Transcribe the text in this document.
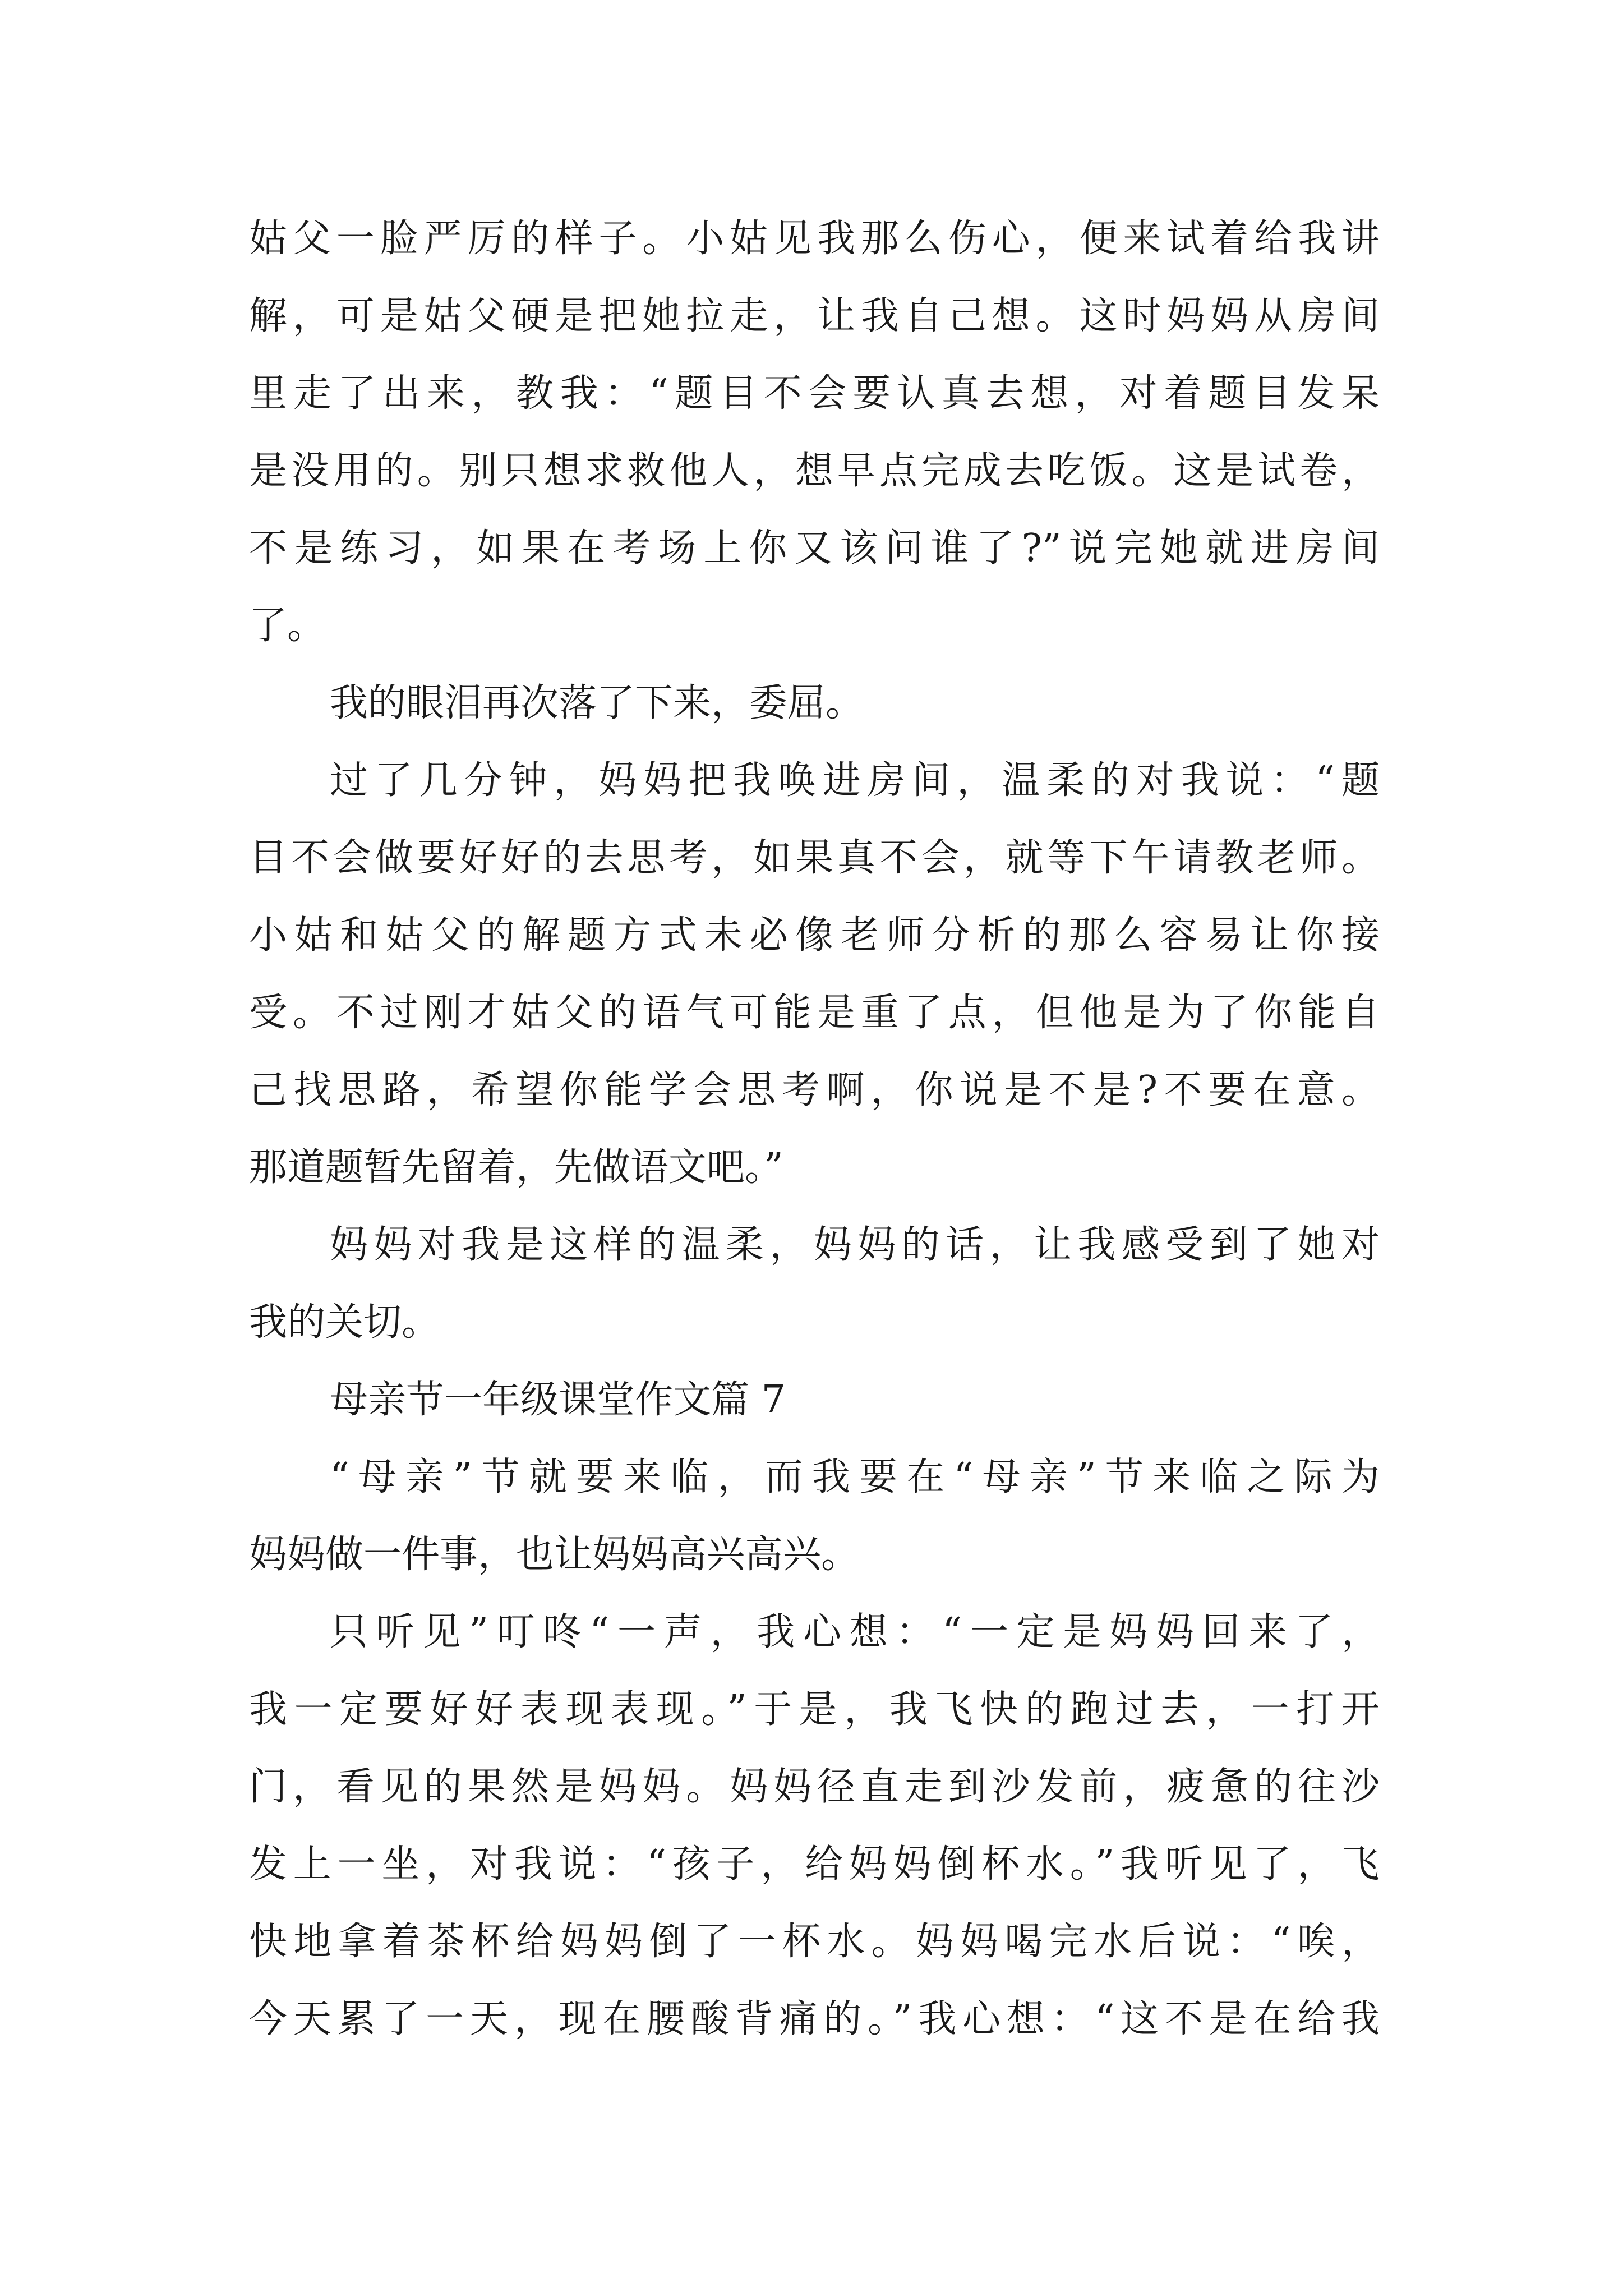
姑父一脸严厉的样子。小姑见我那么伤心，便来试着给我讲
解，可是姑父硬是把她拉走，让我自己想。这时妈妈从房间
里走了出来，教我：“题目不会要认真去想，对着题目发呆
是没用的。别只想求救他人，想早点完成去吃饭。这是试卷，
不是练习，如果在考场上你又该问谁了?”说完她就进房间
了。
我的眼泪再次落了下来，委屈。
过了几分钟，妈妈把我唤进房间，温柔的对我说：“题
目不会做要好好的去思考，如果真不会，就等下午请教老师。
小姑和姑父的解题方式未必像老师分析的那么容易让你接
受。不过刚才姑父的语气可能是重了点，但他是为了你能自
己找思路，希望你能学会思考啊，你说是不是?不要在意。
那道题暂先留着，先做语文吧。”
妈妈对我是这样的温柔，妈妈的话，让我感受到了她对
我的关切。
母亲节一年级课堂作文篇 7
“母亲”节就要来临，而我要在“母亲”节来临之际为
妈妈做一件事，也让妈妈高兴高兴。
只听见”叮咚“一声，我心想：“一定是妈妈回来了，
我一定要好好表现表现。”于是，我飞快的跑过去，一打开
门，看见的果然是妈妈。妈妈径直走到沙发前，疲惫的往沙
发上一坐，对我说：“孩子，给妈妈倒杯水。”我听见了，飞
快地拿着茶杯给妈妈倒了一杯水。妈妈喝完水后说：“唉，
今天累了一天，现在腰酸背痛的。”我心想：“这不是在给我
